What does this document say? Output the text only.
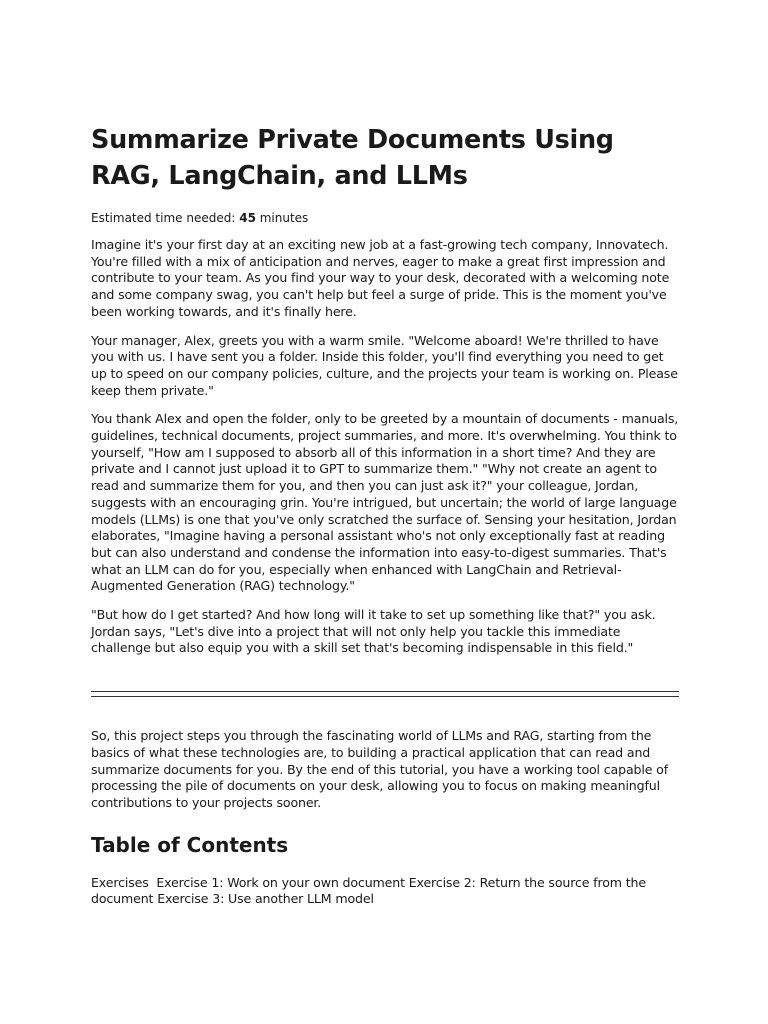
Summarize Private Documents Using RAG, LangChain, and LLMs
Estimated time needed: 45 minutes

Imagine it's your first day at an exciting new job at a fast-growing tech company, Innovatech. You're filled with a mix of anticipation and nerves, eager to make a great first impression and contribute to your team. As you find your way to your desk, decorated with a welcoming note and some company swag, you can't help but feel a surge of pride. This is the moment you've been working towards, and it's finally here.

Your manager, Alex, greets you with a warm smile. "Welcome aboard! We're thrilled to have you with us. I have sent you a folder. Inside this folder, you'll find everything you need to get up to speed on our company policies, culture, and the projects your team is working on. Please keep them private."

You thank Alex and open the folder, only to be greeted by a mountain of documents - manuals, guidelines, technical documents, project summaries, and more. It's overwhelming. You think to yourself, "How am I supposed to absorb all of this information in a short time? And they are private and I cannot just upload it to GPT to summarize them." "Why not create an agent to read and summarize them for you, and then you can just ask it?" your colleague, Jordan, suggests with an encouraging grin. You're intrigued, but uncertain; the world of large language models (LLMs) is one that you've only scratched the surface of. Sensing your hesitation, Jordan elaborates, "Imagine having a personal assistant who's not only exceptionally fast at reading but can also understand and condense the information into easy-to-digest summaries. That's what an LLM can do for you, especially when enhanced with LangChain and Retrieval-Augmented Generation (RAG) technology."

"But how do I get started? And how long will it take to set up something like that?" you ask. Jordan says, "Let's dive into a project that will not only help you tackle this immediate challenge but also equip you with a skill set that's becoming indispensable in this field."

So, this project steps you through the fascinating world of LLMs and RAG, starting from the basics of what these technologies are, to building a practical application that can read and summarize documents for you. By the end of this tutorial, you have a working tool capable of processing the pile of documents on your desk, allowing you to focus on making meaningful contributions to your projects sooner.

Table of Contents
Exercises  Exercise 1: Work on your own document Exercise 2: Return the source from the document Exercise 3: Use another LLM model
